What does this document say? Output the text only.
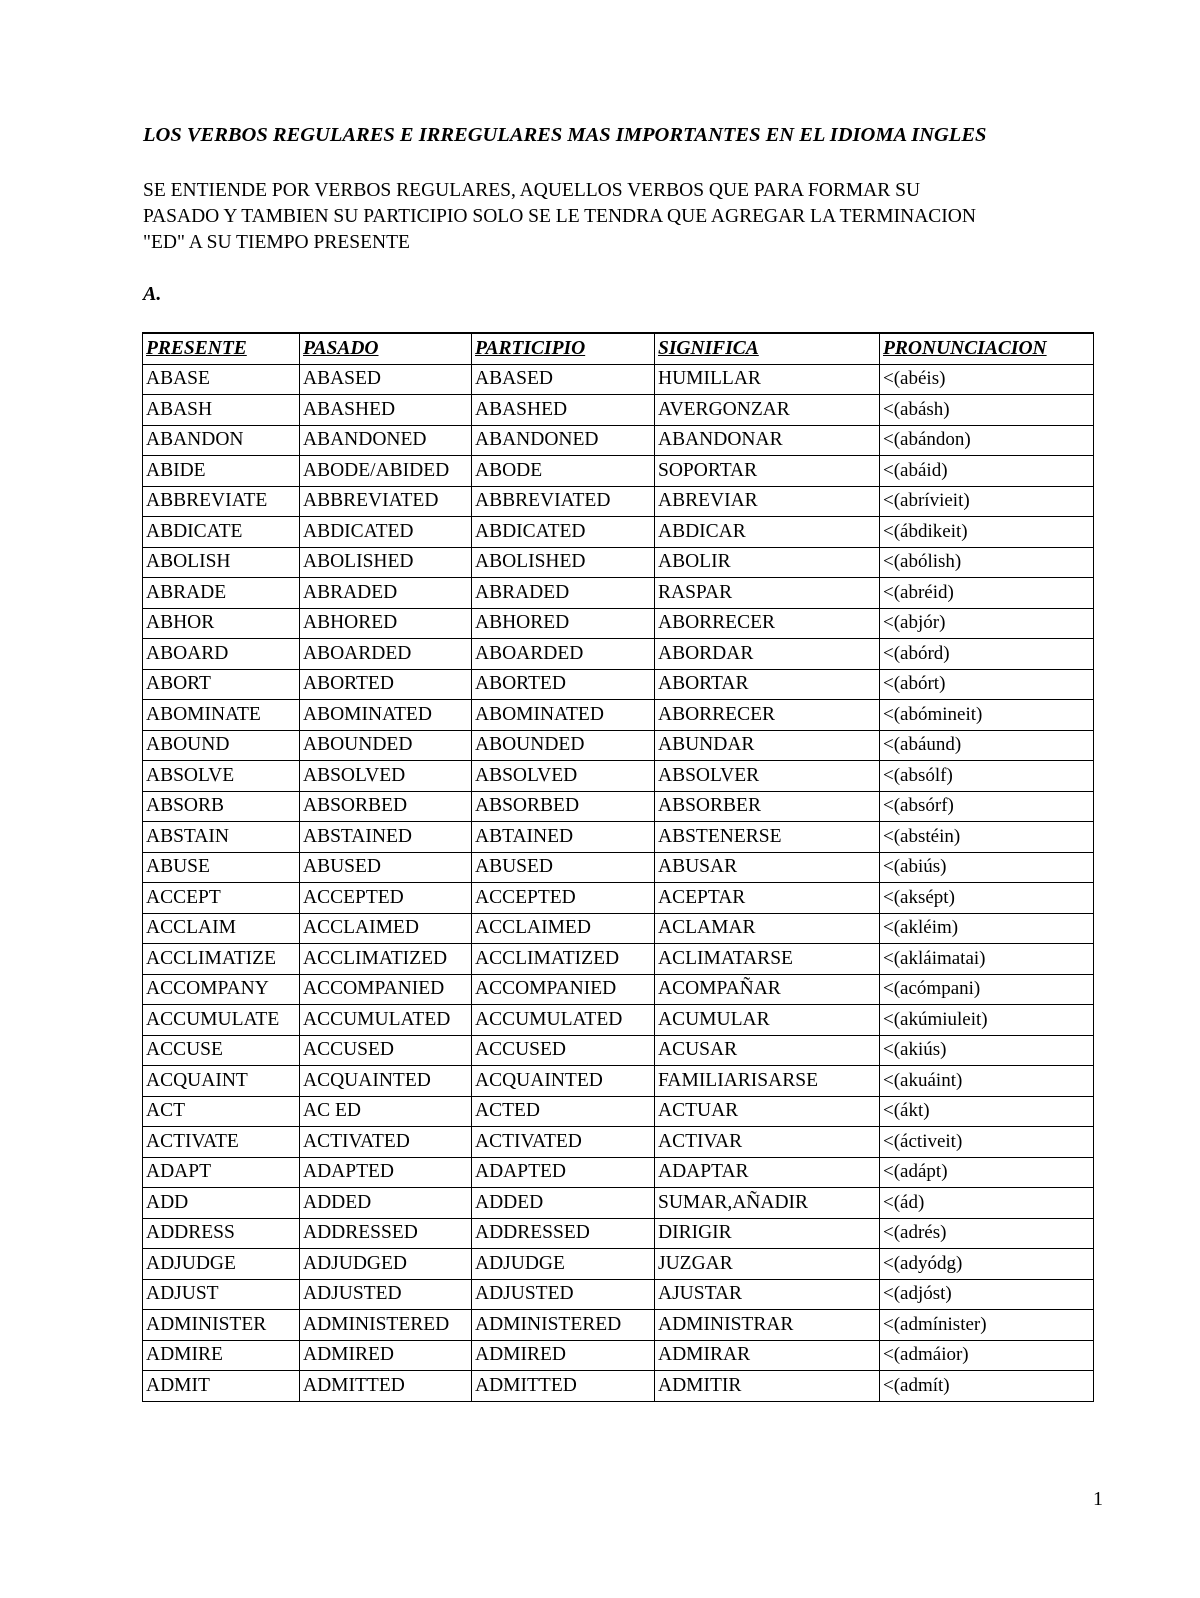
LOS VERBOS REGULARES E IRREGULARES MAS IMPORTANTES EN EL IDIOMA INGLES
SE ENTIENDE POR VERBOS REGULARES, AQUELLOS VERBOS QUE PARA FORMAR SU
PASADO Y TAMBIEN SU PARTICIPIO SOLO SE LE TENDRA QUE AGREGAR LA TERMINACION
"ED" A SU TIEMPO PRESENTE
A.
PRESENTE	PASADO	PARTICIPIO	SIGNIFICA	PRONUNCIACION
ABASE	ABASED	ABASED	HUMILLAR	<(abéis)
ABASH	ABASHED	ABASHED	AVERGONZAR	<(abásh)
ABANDON	ABANDONED	ABANDONED	ABANDONAR	<(abándon)
ABIDE	ABODE/ABIDED	ABODE	SOPORTAR	<(abáid)
ABBREVIATE	ABBREVIATED	ABBREVIATED	ABREVIAR	<(abrívieit)
ABDICATE	ABDICATED	ABDICATED	ABDICAR	<(ábdikeit)
ABOLISH	ABOLISHED	ABOLISHED	ABOLIR	<(abólish)
ABRADE	ABRADED	ABRADED	RASPAR	<(abréid)
ABHOR	ABHORED	ABHORED	ABORRECER	<(abjór)
ABOARD	ABOARDED	ABOARDED	ABORDAR	<(abórd)
ABORT	ABORTED	ABORTED	ABORTAR	<(abórt)
ABOMINATE	ABOMINATED	ABOMINATED	ABORRECER	<(abómineit)
ABOUND	ABOUNDED	ABOUNDED	ABUNDAR	<(abáund)
ABSOLVE	ABSOLVED	ABSOLVED	ABSOLVER	<(absólf)
ABSORB	ABSORBED	ABSORBED	ABSORBER	<(absórf)
ABSTAIN	ABSTAINED	ABTAINED	ABSTENERSE	<(abstéin)
ABUSE	ABUSED	ABUSED	ABUSAR	<(abiús)
ACCEPT	ACCEPTED	ACCEPTED	ACEPTAR	<(aksépt)
ACCLAIM	ACCLAIMED	ACCLAIMED	ACLAMAR	<(akléim)
ACCLIMATIZE	ACCLIMATIZED	ACCLIMATIZED	ACLIMATARSE	<(akláimatai)
ACCOMPANY	ACCOMPANIED	ACCOMPANIED	ACOMPAÑAR	<(acómpani)
ACCUMULATE	ACCUMULATED	ACCUMULATED	ACUMULAR	<(akúmiuleit)
ACCUSE	ACCUSED	ACCUSED	ACUSAR	<(akiús)
ACQUAINT	ACQUAINTED	ACQUAINTED	FAMILIARISARSE	<(akuáint)
ACT	AC ED	ACTED	ACTUAR	<(ákt)
ACTIVATE	ACTIVATED	ACTIVATED	ACTIVAR	<(áctiveit)
ADAPT	ADAPTED	ADAPTED	ADAPTAR	<(adápt)
ADD	ADDED	ADDED	SUMAR,AÑADIR	<(ád)
ADDRESS	ADDRESSED	ADDRESSED	DIRIGIR	<(adrés)
ADJUDGE	ADJUDGED	ADJUDGE	JUZGAR	<(adyódg)
ADJUST	ADJUSTED	ADJUSTED	AJUSTAR	<(adjóst)
ADMINISTER	ADMINISTERED	ADMINISTERED	ADMINISTRAR	<(admínister)
ADMIRE	ADMIRED	ADMIRED	ADMIRAR	<(admáior)
ADMIT	ADMITTED	ADMITTED	ADMITIR	<(admít)
1
